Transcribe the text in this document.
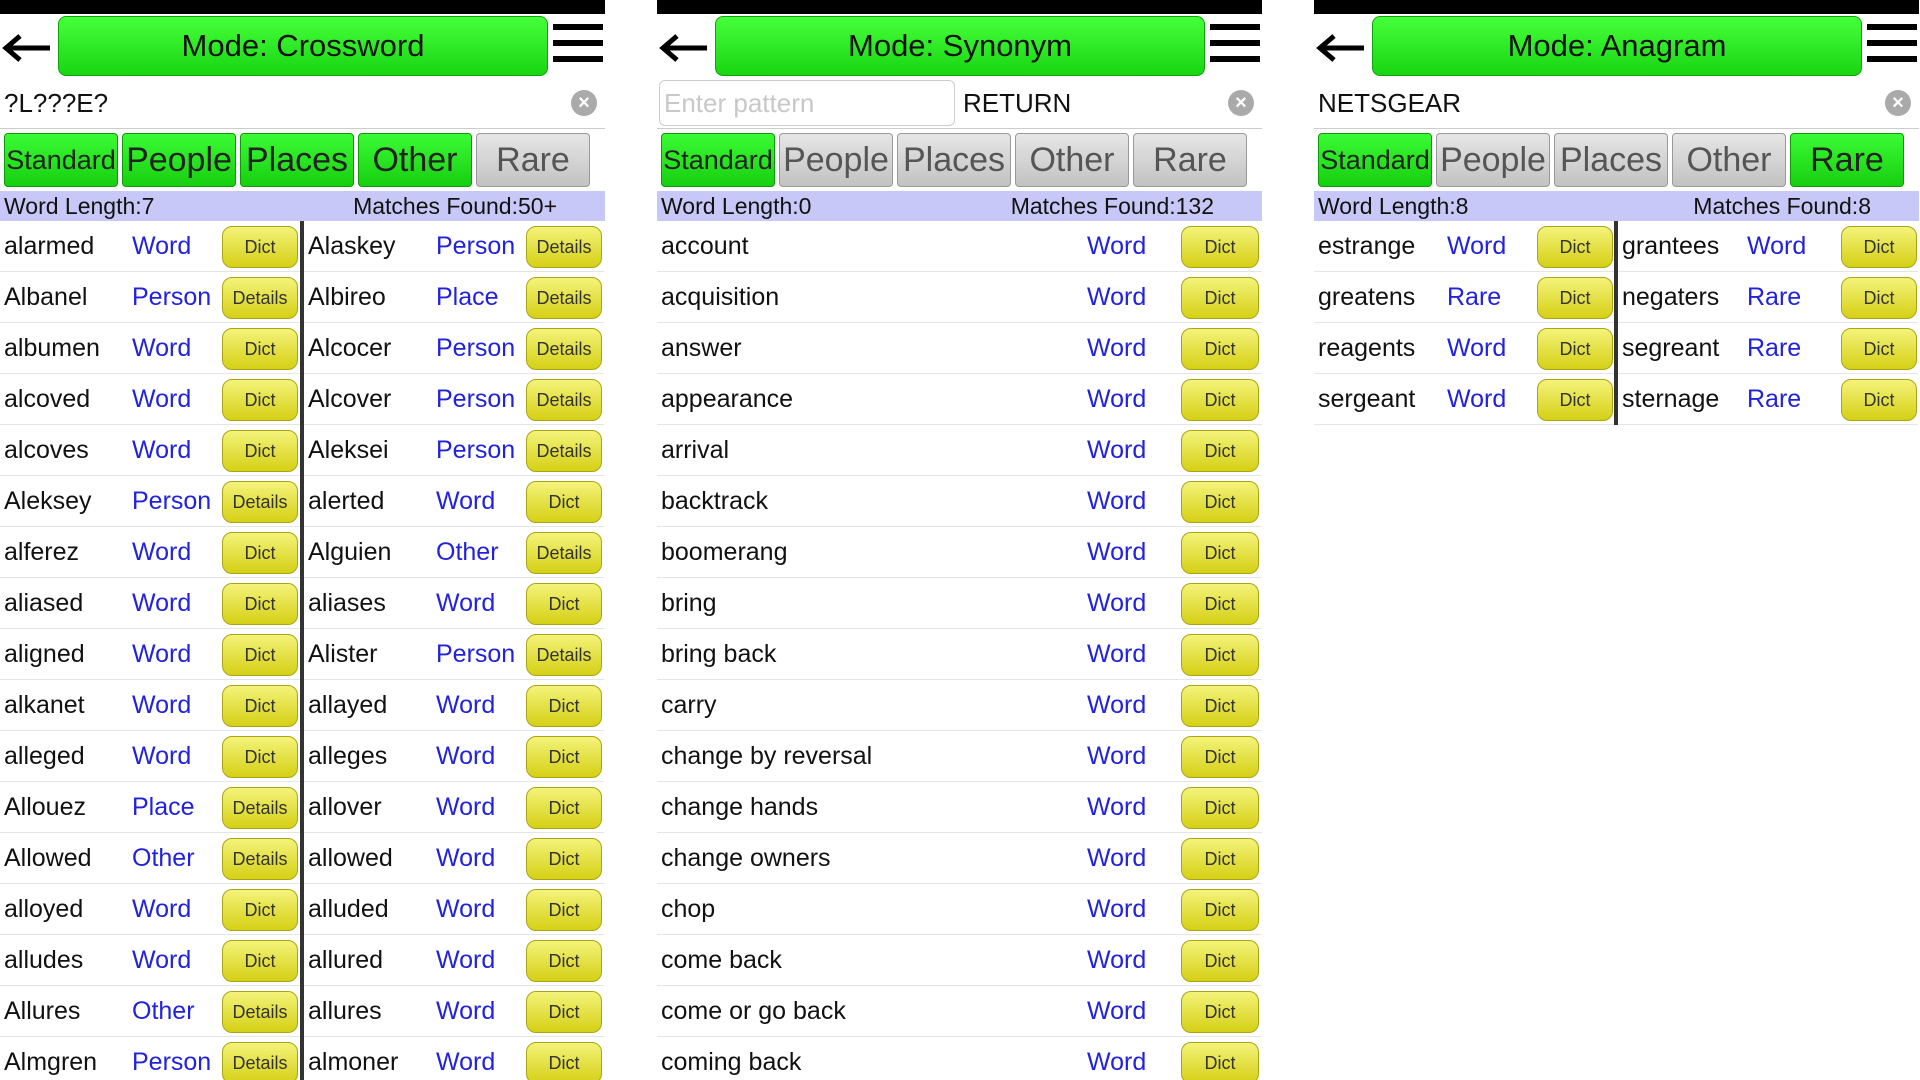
Mode: Crossword
?L???E?	×
Standard People Places Other	Rare
Word Length:7	Matches Found:50+
alarmed Word	Dict
Albanel Person	Details
albumen Word	Dict
alcoved Word	Dict
alcoves Word	Dict
Aleksey Person	Details
alferez Word	Dict
aliased Word	Dict
aligned Word	Dict
alkanet Word	Dict
alleged Word	Dict
Allouez Place	Details
Allowed Other	Details
alloyed Word	Dict
alludes Word	Dict
Allures Other	Details
Almgren Person	Details
Alaskey Person	Details
Albireo Place	Details
Alcocer Person	Details
Alcover Person	Details
Aleksei Person	Details
alerted Word	Dict
Alguien Other	Details
aliases Word	Dict
Alister Person	Details
allayed Word	Dict
alleges Word	Dict
allover Word	Dict
allowed Word	Dict
alluded Word	Dict
allured Word	Dict
allures Word	Dict
almoner Word	Dict
Mode: Synonym
Enter pattern	RETURN	×
Standard People Places Other	Rare
Word Length:0	Matches Found:132
account	Word	Dict
acquisition	Word	Dict
answer	Word	Dict
appearance	Word	Dict
arrival	Word	Dict
backtrack	Word	Dict
boomerang	Word	Dict
bring	Word	Dict
bring back	Word	Dict
carry	Word	Dict
change by reversal	Word	Dict
change hands	Word	Dict
change owners	Word	Dict
chop	Word	Dict
come back	Word	Dict
come or go back	Word	Dict
coming back	Word	Dict
Mode: Anagram
NETSGEAR	×
Standard People Places Other	Rare
Word Length:8	Matches Found:8
estrange Word	Dict
greatens Rare	Dict
reagents Word	Dict
sergeant Word	Dict
grantees Word	Dict
negaters Rare	Dict
segreant Rare	Dict
sternage Rare	Dict
